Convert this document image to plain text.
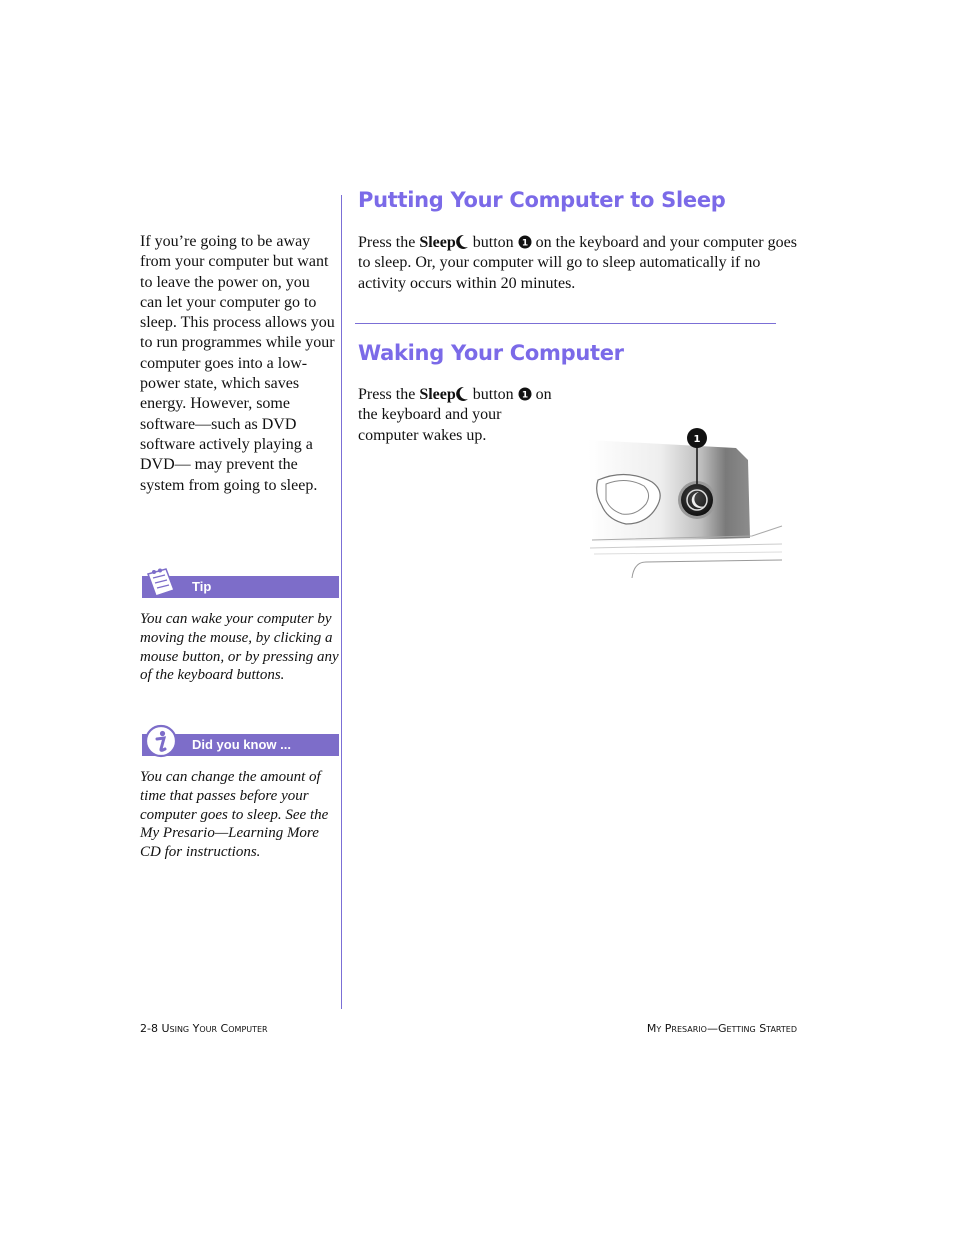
If you’re going to be away from your computer but want to leave the power on, you can let your computer go to sleep. This process allows you to run programmes while your computer goes into a low-power state, which saves energy. However, some software—such as DVD software actively playing a DVD— may prevent the system from going to sleep.

Tip

You can wake your computer by moving the mouse, by clicking a mouse button, or by pressing any of the keyboard buttons.

Did you know ...

You can change the amount of time that passes before your computer goes to sleep. See the My Presario—Learning More CD for instructions.

Putting Your Computer to Sleep

Press the Sleep button 1 on the keyboard and your computer goes to sleep. Or, your computer will go to sleep automatically if no activity occurs within 20 minutes.

Waking Your Computer

Press the Sleep button 1 on the keyboard and your computer wakes up.	1
2-8 Using Your Computer	My Presario—Getting Started
